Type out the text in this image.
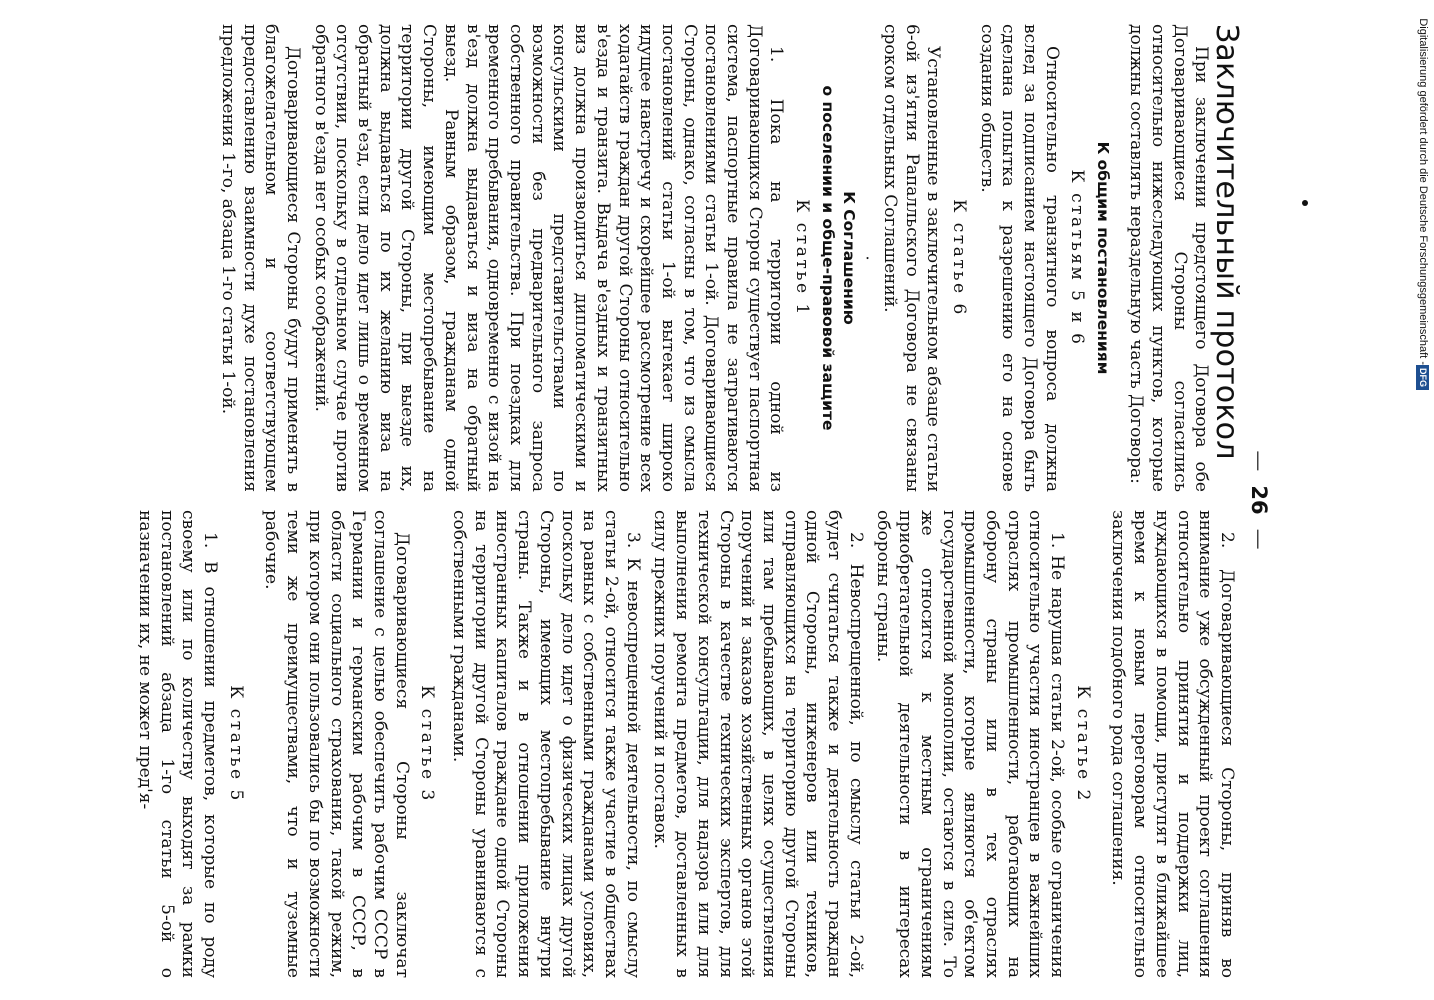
—26—
Заключительный протокол

При заключении предстоящего Договора обе Договаривающиеся Стороны согласились относительно нижеследующих пунктов, которые должны составлять нераздельную часть Договора:

К общим постановлениям
К статьям 5 и 6

Относительно транзитного вопроса должна вслед за подписанием настоящего Договора быть сделана попытка к разрешению его на основе создания обществ.

К статье 6

Установленные в заключительном абзаце статьи 6-ой из'ятия Рапалльского Договора не связаны сроком отдельных Соглашений.

·
К Соглашению
о поселении и обще-правовой защите
К статье 1

1. Пока на территории одной из Договаривающихся Сторон существует паспортная система, паспортные правила не затрагиваются постановлениями статьи 1-ой. Договаривающиеся Стороны, однако, согласны в том, что из смысла постановлений статьи 1-ой вытекает широко идущее навстречу и скорейшее рассмотрение всех ходатайств граждан другой Стороны относительно в'езда и транзита. Выдача в'ездных и транзитных виз должна производиться дипломатическими и консульскими представительствами по возможности без предварительного запроса собственного правительства. При поездках для временного пребывания, одновременно с визой на в'езд должна выдаваться и виза на обратный выезд. Равным образом, гражданам одной Стороны, имеющим местопребывание на территории другой Стороны, при выезде их, должна выдаваться по их желанию виза на обратный в'езд, если дело идет лишь о временном отсутствии, поскольку в отдельном случае против обратного в'езда нет особых соображений.

Договаривающиеся Стороны будут применять в благожелательном и соответствующем предоставлению взаимности духе постановления предложения 1-го, абзаца 1-го статьи 1-ой.

2. Договаривающиеся Стороны, приняв во внимание уже обсужденный проект соглашения относительно принятия и поддержки лиц, нуждающихся в помощи, приступят в ближайшее время к новым переговорам относительно заключения подобного рода соглашения.

К статье 2

1. Не нарушая статьи 2-ой, особые ограничения относительно участия иностранцев в важнейших отраслях промышленности, работающих на оборону страны или в тех отраслях промышленности, которые являются об'ектом государственной монополии, остаются в силе. То же относится к местным ограничениям приобретательной деятельности в интересах обороны страны.

2. Невоспрещенной, по смыслу статьи 2-ой, будет считаться также и деятельность граждан одной Стороны, инженеров или техников, отправляющихся на территорию другой Стороны или там пребывающих, в целях осуществления поручений и заказов хозяйственных органов этой Стороны в качестве технических экспертов, для технической консультации, для надзора или для выполнения ремонта предметов, доставленных в силу прежних поручений и поставок.

3. К невоспрещенной деятельности, по смыслу статьи 2-ой, относится также участие в обществах на равных с собственными гражданами условиях, поскольку дело идет о физических лицах другой Стороны, имеющих местопребывание внутри страны. Также и в отношении приложения иностранных капиталов граждане одной Стороны на территории другой Стороны уравниваются с собственными гражданами.

К статье 3

Договаривающиеся Стороны заключат соглашение с целью обеспечить рабочим СССР в Германии и германским рабочим в СССР, в области социального страхования, такой режим, при котором они пользовались бы по возможности теми же преимуществами, что и туземные рабочие.

К статье 5

1. В отношении предметов, которые по роду своему или по количеству выходят за рамки постановлений абзаца 1-го статьи 5-ой о назначении их, не может пред'я-

Digitalisierung gefördert durch die Deutsche Forschungsgemeinschaft -
DFG
